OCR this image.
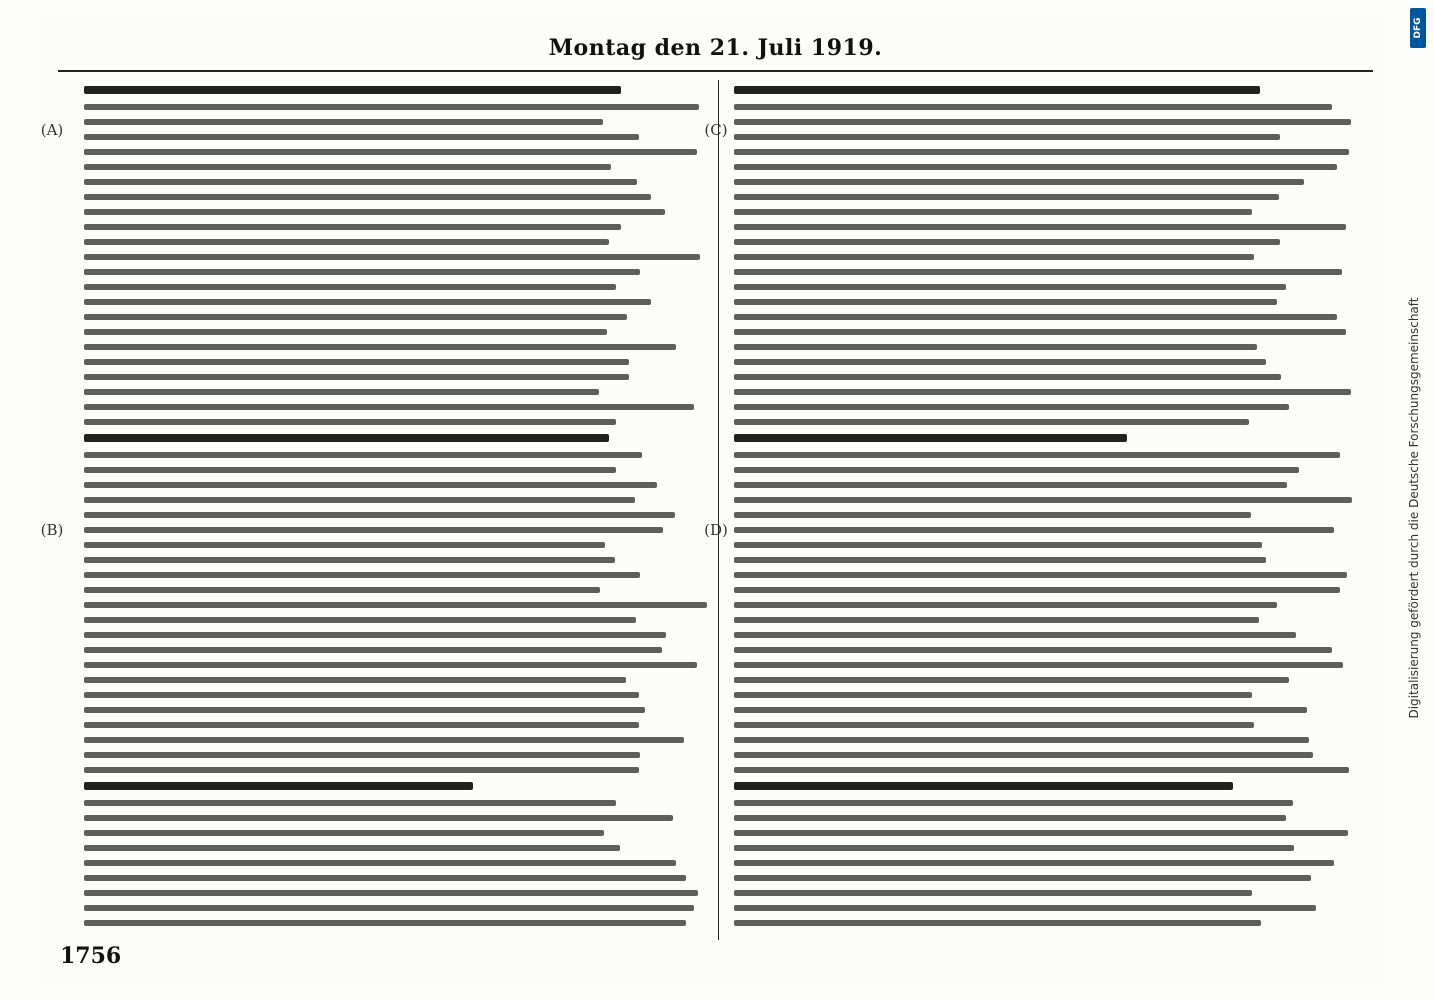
Montag den 21. Juli 1919.
1756
(A)
(B)
(C)
(D)	Digitalisierung gefördert durch die Deutsche Forschungsgemeinschaft
DFG
